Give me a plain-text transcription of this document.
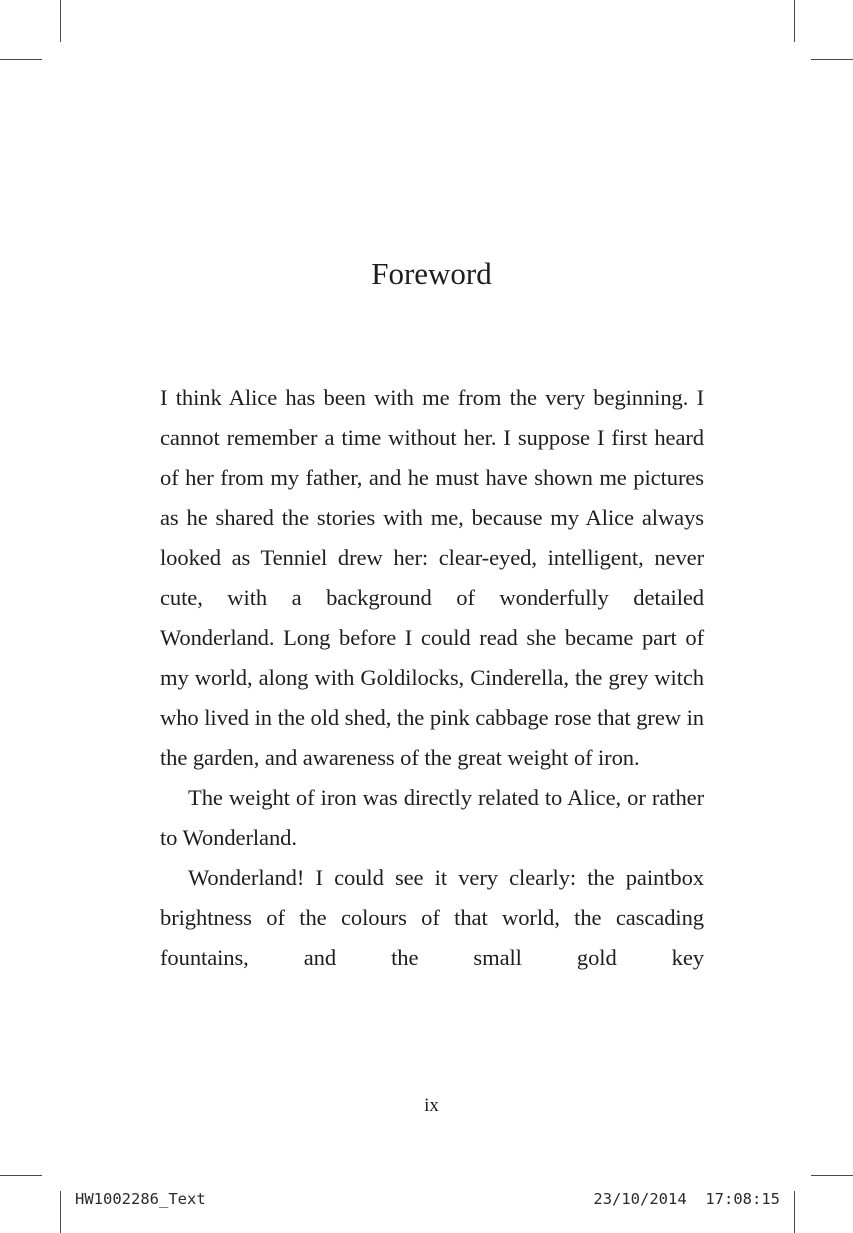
Foreword

I think Alice has been with me from the very beginning. I cannot remember a time without her. I suppose I first heard of her from my father, and he must have shown me pictures as he shared the stories with me, because my Alice always looked as Tenniel drew her: clear-eyed, intelligent, never cute, with a background of wonderfully detailed Wonderland. Long before I could read she became part of my world, along with Goldilocks, Cinderella, the grey witch who lived in the old shed, the pink cabbage rose that grew in the garden, and awareness of the great weight of iron.

The weight of iron was directly related to Alice, or rather to Wonderland.

Wonderland! I could see it very clearly: the paintbox brightness of the colours of that world, the cascading fountains, and the small gold key

ix
HW1002286_Text	23/10/2014  17:08:15
